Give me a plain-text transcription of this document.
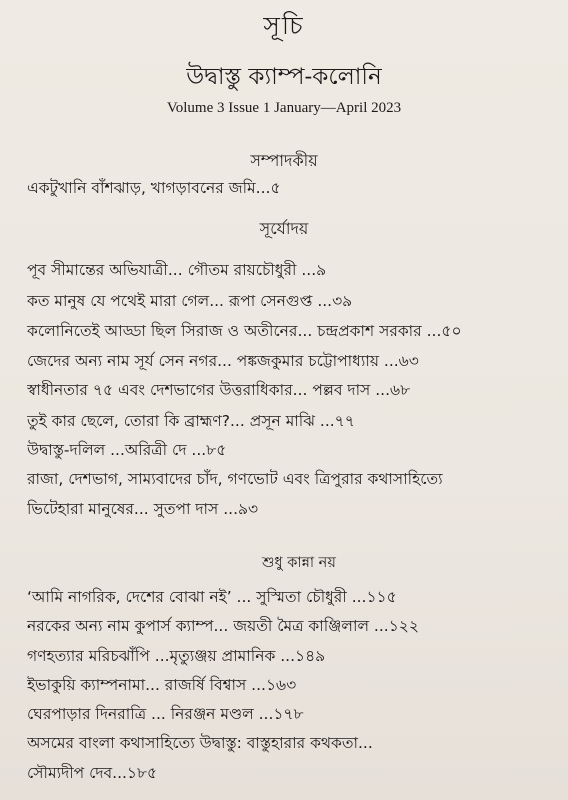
সূচি
উদ্বাস্তু ক্যাম্প-কলোনি
Volume 3 Issue 1 January—April 2023
সম্পাদকীয়
একটুখানি বাঁশঝাড়, খাগড়াবনের জমি...৫
সূর্যোদয়
পূব সীমান্তের অভিযাত্রী... গৌতম রায়চৌধুরী ...৯
কত মানুষ যে পথেই মারা গেল... রূপা সেনগুপ্ত ...৩৯
কলোনিতেই আড্ডা ছিল সিরাজ ও অতীনের... চন্দ্রপ্রকাশ সরকার ...৫০
জেদের অন্য নাম সূর্য সেন নগর... পঙ্কজকুমার চট্টোপাধ্যায় ...৬৩
স্বাধীনতার ৭৫ এবং দেশভাগের উত্তরাধিকার... পল্লব দাস ...৬৮
তুই কার ছেলে, তোরা কি ব্রাহ্মণ?... প্রসূন মাঝি ...৭৭
উদ্বাস্তু-দলিল ...অরিত্রী দে ...৮৫
রাজা, দেশভাগ, সাম্যবাদের চাঁদ, গণভোট এবং ত্রিপুরার কথাসাহিত্যে
ভিটেহারা মানুষের... সুতপা দাস ...৯৩
শুধু কান্না নয়
‘আমি নাগরিক, দেশের বোঝা নই’ ... সুস্মিতা চৌধুরী ...১১৫
নরকের অন্য নাম কুপার্স ক্যাম্প... জয়তী মৈত্র কাঞ্জিলাল ...১২২
গণহত্যার মরিচঝাঁপি ...মৃত্যুঞ্জয় প্রামানিক ...১৪৯
ইভাকুয়ি ক্যাম্পনামা... রাজর্ষি বিশ্বাস ...১৬৩
ঘেরপাড়ার দিনরাত্রি ... নিরঞ্জন মণ্ডল ...১৭৮
অসমের বাংলা কথাসাহিত্যে উদ্বাস্তু: বাস্তুহারার কথকতা...
সৌম্যদীপ দেব...১৮৫
